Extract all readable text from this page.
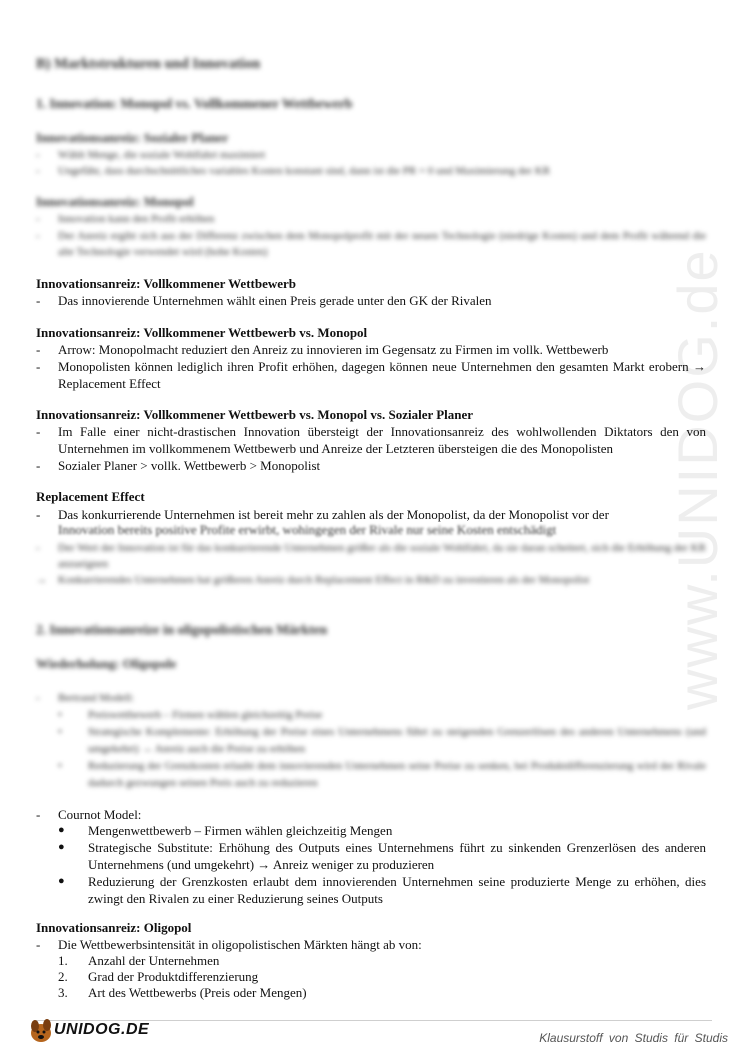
www.UNIDOG.de
B) Marktstrukturen und Innovation
1. Innovation: Monopol vs. Vollkommener Wettbewerb
Innovationsanreiz: Sozialer Planer
-	Wählt Menge, die soziale Wohlfahrt maximiert
-	Ungefähr, dass durchschnittliches variables Kosten konstant sind, dann ist die PR = 0 und Maximierung der KR
Innovationsanreiz: Monopol
-	Innovation kann den Profit erhöhen
-	Der Anreiz ergibt sich aus der Differenz zwischen dem Monopolprofit mit der neuen Technologie (niedrige Kosten) und dem Profit während die alte Technologie verwendet wird (hohe Kosten)
Innovationsanreiz: Vollkommener Wettbewerb
-	Das innovierende Unternehmen wählt einen Preis gerade unter den GK der Rivalen
Innovationsanreiz: Vollkommener Wettbewerb vs. Monopol
-	Arrow: Monopolmacht reduziert den Anreiz zu innovieren im Gegensatz zu Firmen im vollk. Wettbewerb
-	Monopolisten können lediglich ihren Profit erhöhen, dagegen können neue Unternehmen den gesamten Markt erobern → Replacement Effect
Innovationsanreiz: Vollkommener Wettbewerb vs. Monopol vs. Sozialer Planer
-	Im Falle einer nicht-drastischen Innovation übersteigt der Innovationsanreiz des wohlwollenden Diktators den von Unternehmen im vollkommenem Wettbewerb und Anreize der Letzteren übersteigen die des Monopolisten
-	Sozialer Planer > vollk. Wettbewerb > Monopolist
Replacement Effect
-	Das konkurrierende Unternehmen ist bereit mehr zu zahlen als der Monopolist, da der Monopolist vor der
Innovation bereits positive Profite erwirbt, wohingegen der Rivale nur seine Kosten entschädigt
-	Der Wert der Innovation ist für das konkurrierende Unternehmen größer als die soziale Wohlfahrt, da sie daran scheitert, sich die Erhöhung der KR anzueignen
→	Konkurrierendes Unternehmen hat größeren Anreiz durch Replacement Effect in R&D zu investieren als der Monopolist
2. Innovationsanreize in oligopolistischen Märkten
Wiederholung: Oligopole
-	Bertrand Modell:
•	Preiswettbewerb – Firmen wählen gleichzeitig Preise
•	Strategische Komplemente: Erhöhung der Preise eines Unternehmens führt zu steigenden Grenzerlösen des anderen Unternehmens (und umgekehrt) → Anreiz auch die Preise zu erhöhen
•	Reduzierung der Grenzkosten erlaubt dem innovierenden Unternehmen seine Preise zu senken, bei Produktdifferenzierung wird der Rivale dadurch gezwungen seinen Preis auch zu reduzieren
-	Cournot Model:
●	Mengenwettbewerb – Firmen wählen gleichzeitig Mengen
●	Strategische Substitute: Erhöhung des Outputs eines Unternehmens führt zu sinkenden Grenzerlösen des anderen Unternehmens (und umgekehrt) → Anreiz weniger zu produzieren
●	Reduzierung der Grenzkosten erlaubt dem innovierenden Unternehmen seine produzierte Menge zu erhöhen, dies zwingt den Rivalen zu einer Reduzierung seines Outputs
Innovationsanreiz: Oligopol
-	Die Wettbewerbsintensität in oligopolistischen Märkten hängt ab von:
1. Anzahl der Unternehmen
2. Grad der Produktdifferenzierung
3. Art des Wettbewerbs (Preis oder Mengen)
UNIDOG.DE	Klausurstoff von Studis für Studis
